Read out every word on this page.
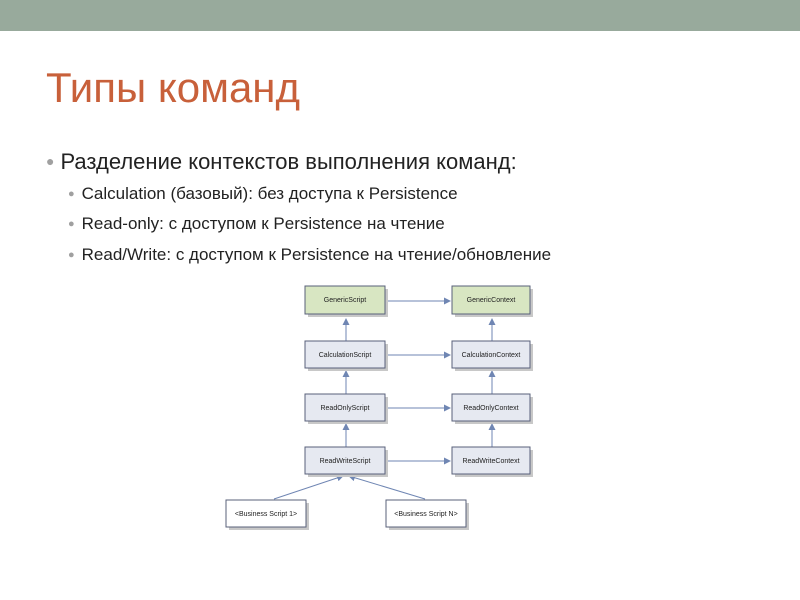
Типы команд
● Разделение контекстов выполнения команд:
● Calculation (базовый): без доступа к Persistence
● Read-only: с доступом к Persistence на чтение
● Read/Write: с доступом к Persistence на чтение/обновление
GenericScript
CalculationScript
ReadOnlyScript
ReadWriteScript
GenericContext
CalculationContext
ReadOnlyContext
ReadWriteContext
<Business Script 1>	<Business Script N>
